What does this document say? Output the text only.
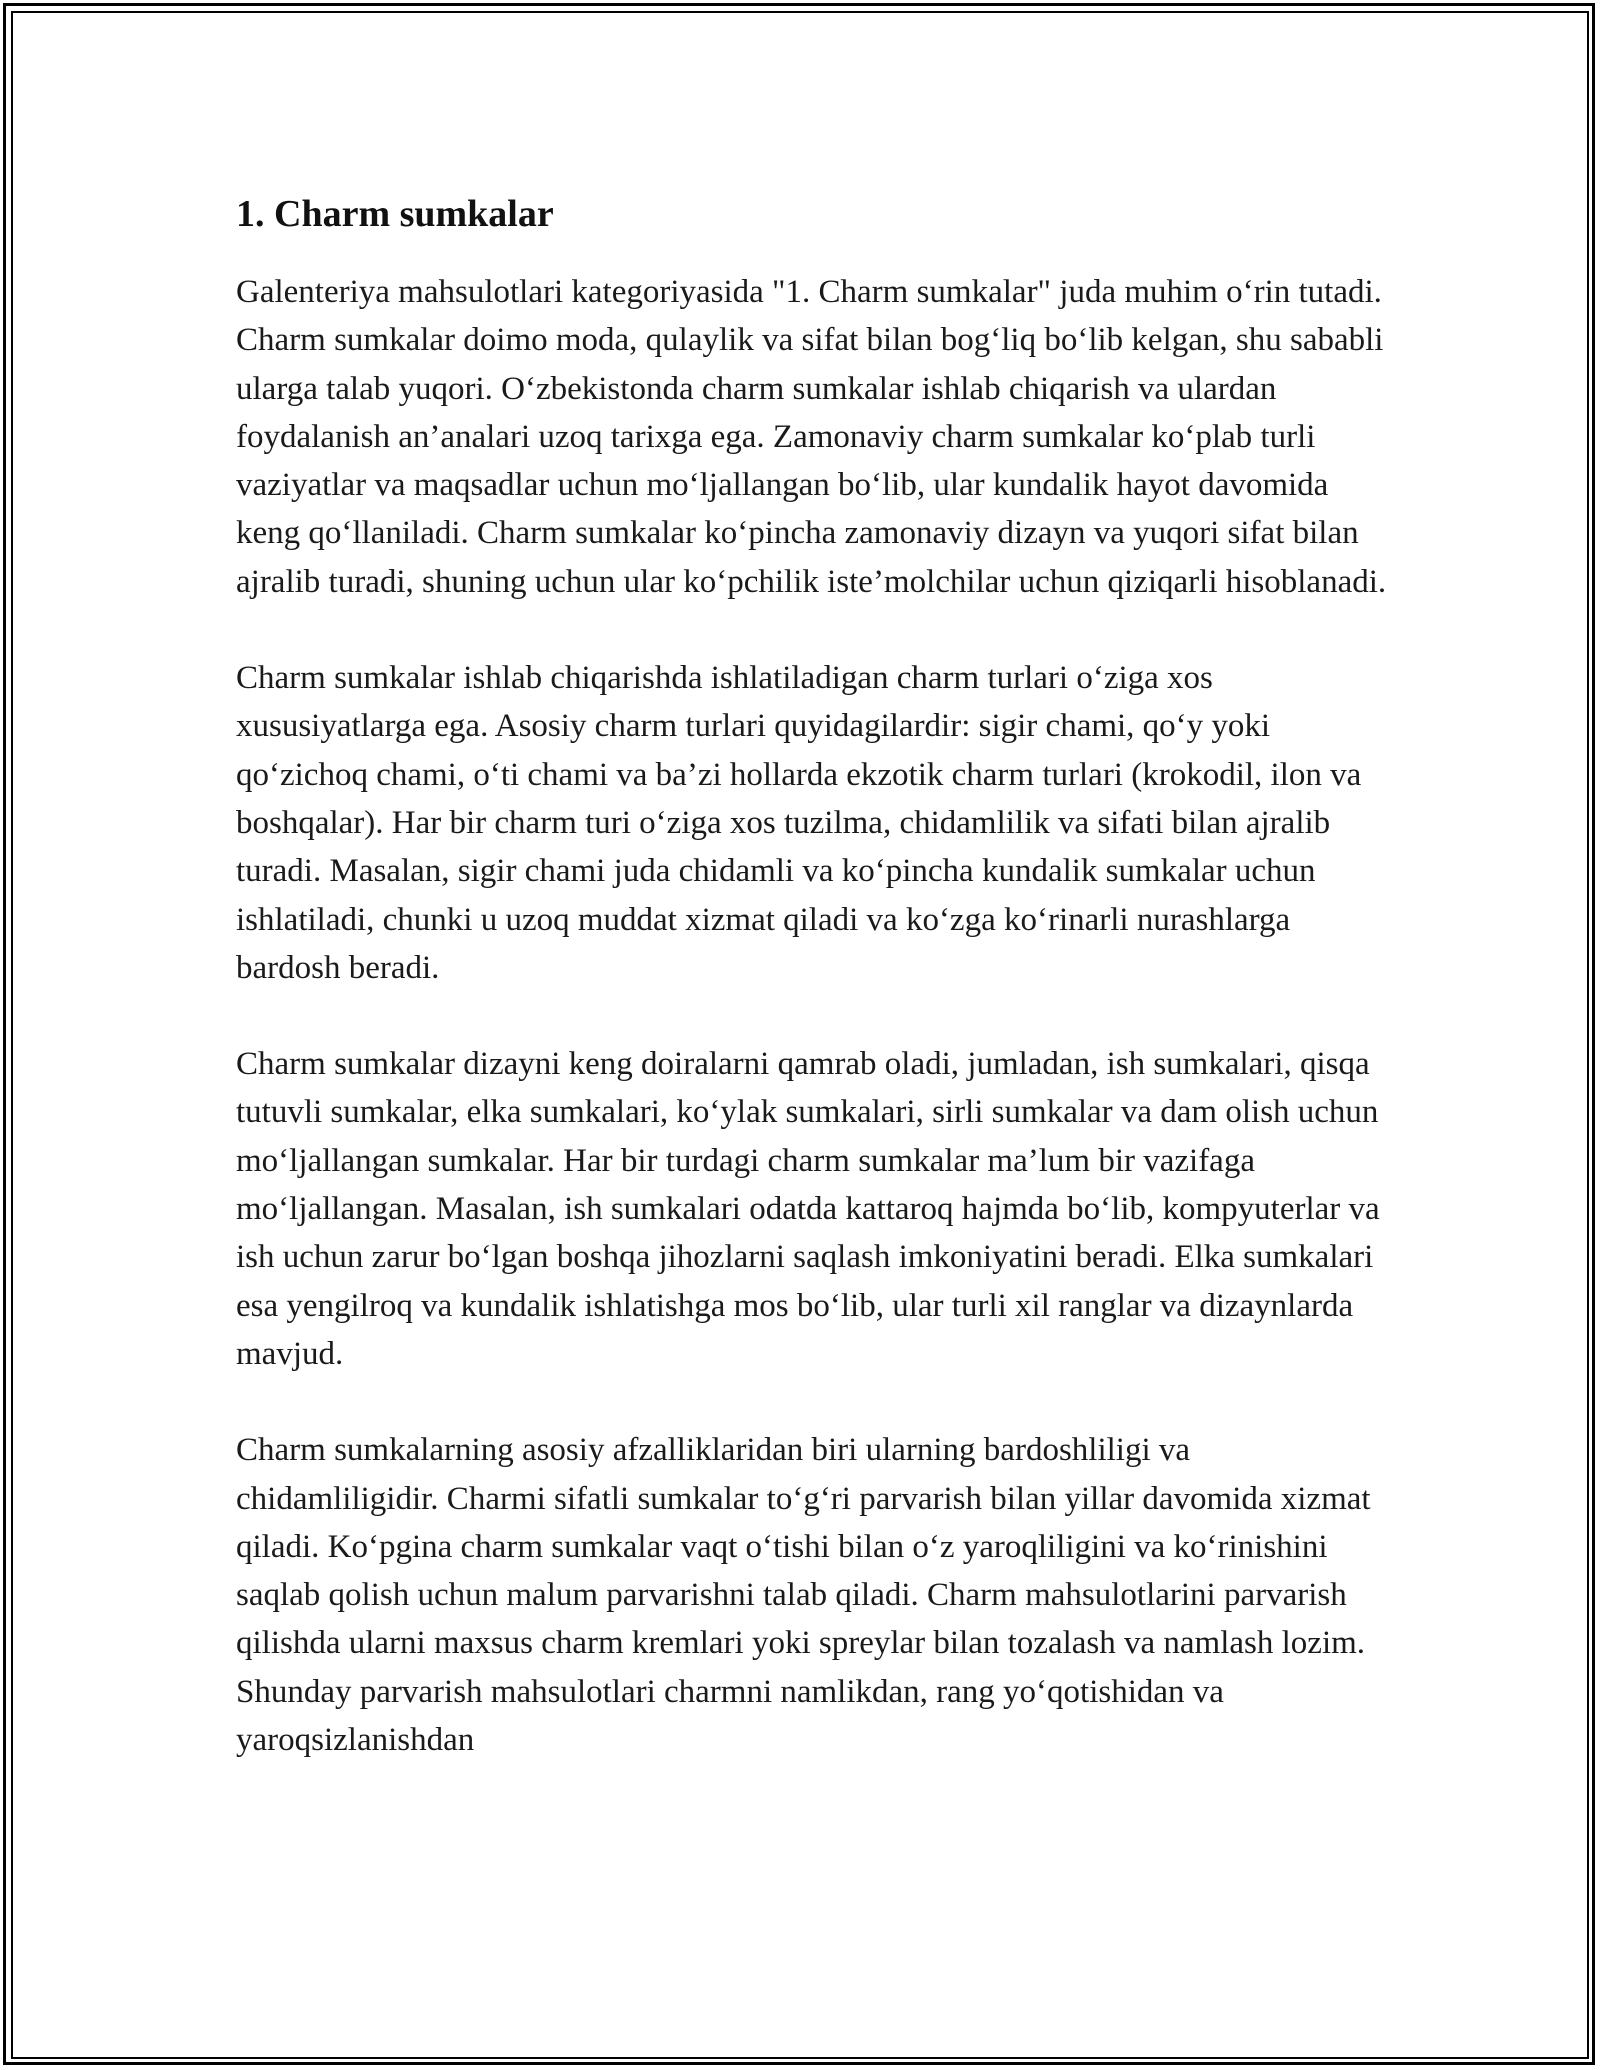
1. Charm sumkalar

Galenteriya mahsulotlari kategoriyasida "1. Charm sumkalar" juda muhim o‘rin tutadi. Charm sumkalar doimo moda, qulaylik va sifat bilan bog‘liq bo‘lib kelgan, shu sababli ularga talab yuqori. O‘zbekistonda charm sumkalar ishlab chiqarish va ulardan foydalanish an’analari uzoq tarixga ega. Zamonaviy charm sumkalar ko‘plab turli vaziyatlar va maqsadlar uchun mo‘ljallangan bo‘lib, ular kundalik hayot davomida keng qo‘llaniladi. Charm sumkalar ko‘pincha zamonaviy dizayn va yuqori sifat bilan ajralib turadi, shuning uchun ular ko‘pchilik iste’molchilar uchun qiziqarli hisoblanadi.

Charm sumkalar ishlab chiqarishda ishlatiladigan charm turlari o‘ziga xos xususiyatlarga ega. Asosiy charm turlari quyidagilardir: sigir chami, qo‘y yoki qo‘zichoq chami, o‘ti chami va ba’zi hollarda ekzotik charm turlari (krokodil, ilon va boshqalar). Har bir charm turi o‘ziga xos tuzilma, chidamlilik va sifati bilan ajralib turadi. Masalan, sigir chami juda chidamli va ko‘pincha kundalik sumkalar uchun ishlatiladi, chunki u uzoq muddat xizmat qiladi va ko‘zga ko‘rinarli nurashlarga bardosh beradi.

Charm sumkalar dizayni keng doiralarni qamrab oladi, jumladan, ish sumkalari, qisqa tutuvli sumkalar, elka sumkalari, ko‘ylak sumkalari, sirli sumkalar va dam olish uchun mo‘ljallangan sumkalar. Har bir turdagi charm sumkalar ma’lum bir vazifaga mo‘ljallangan. Masalan, ish sumkalari odatda kattaroq hajmda bo‘lib, kompyuterlar va ish uchun zarur bo‘lgan boshqa jihozlarni saqlash imkoniyatini beradi. Elka sumkalari esa yengilroq va kundalik ishlatishga mos bo‘lib, ular turli xil ranglar va dizaynlarda mavjud.

Charm sumkalarning asosiy afzalliklaridan biri ularning bardoshliligi va chidamliligidir. Charmi sifatli sumkalar to‘g‘ri parvarish bilan yillar davomida xizmat qiladi. Ko‘pgina charm sumkalar vaqt o‘tishi bilan o‘z yaroqliligini va ko‘rinishini saqlab qolish uchun malum parvarishni talab qiladi. Charm mahsulotlarini parvarish qilishda ularni maxsus charm kremlari yoki spreylar bilan tozalash va namlash lozim. Shunday parvarish mahsulotlari charmni namlikdan, rang yo‘qotishidan va yaroqsizlanishdan
